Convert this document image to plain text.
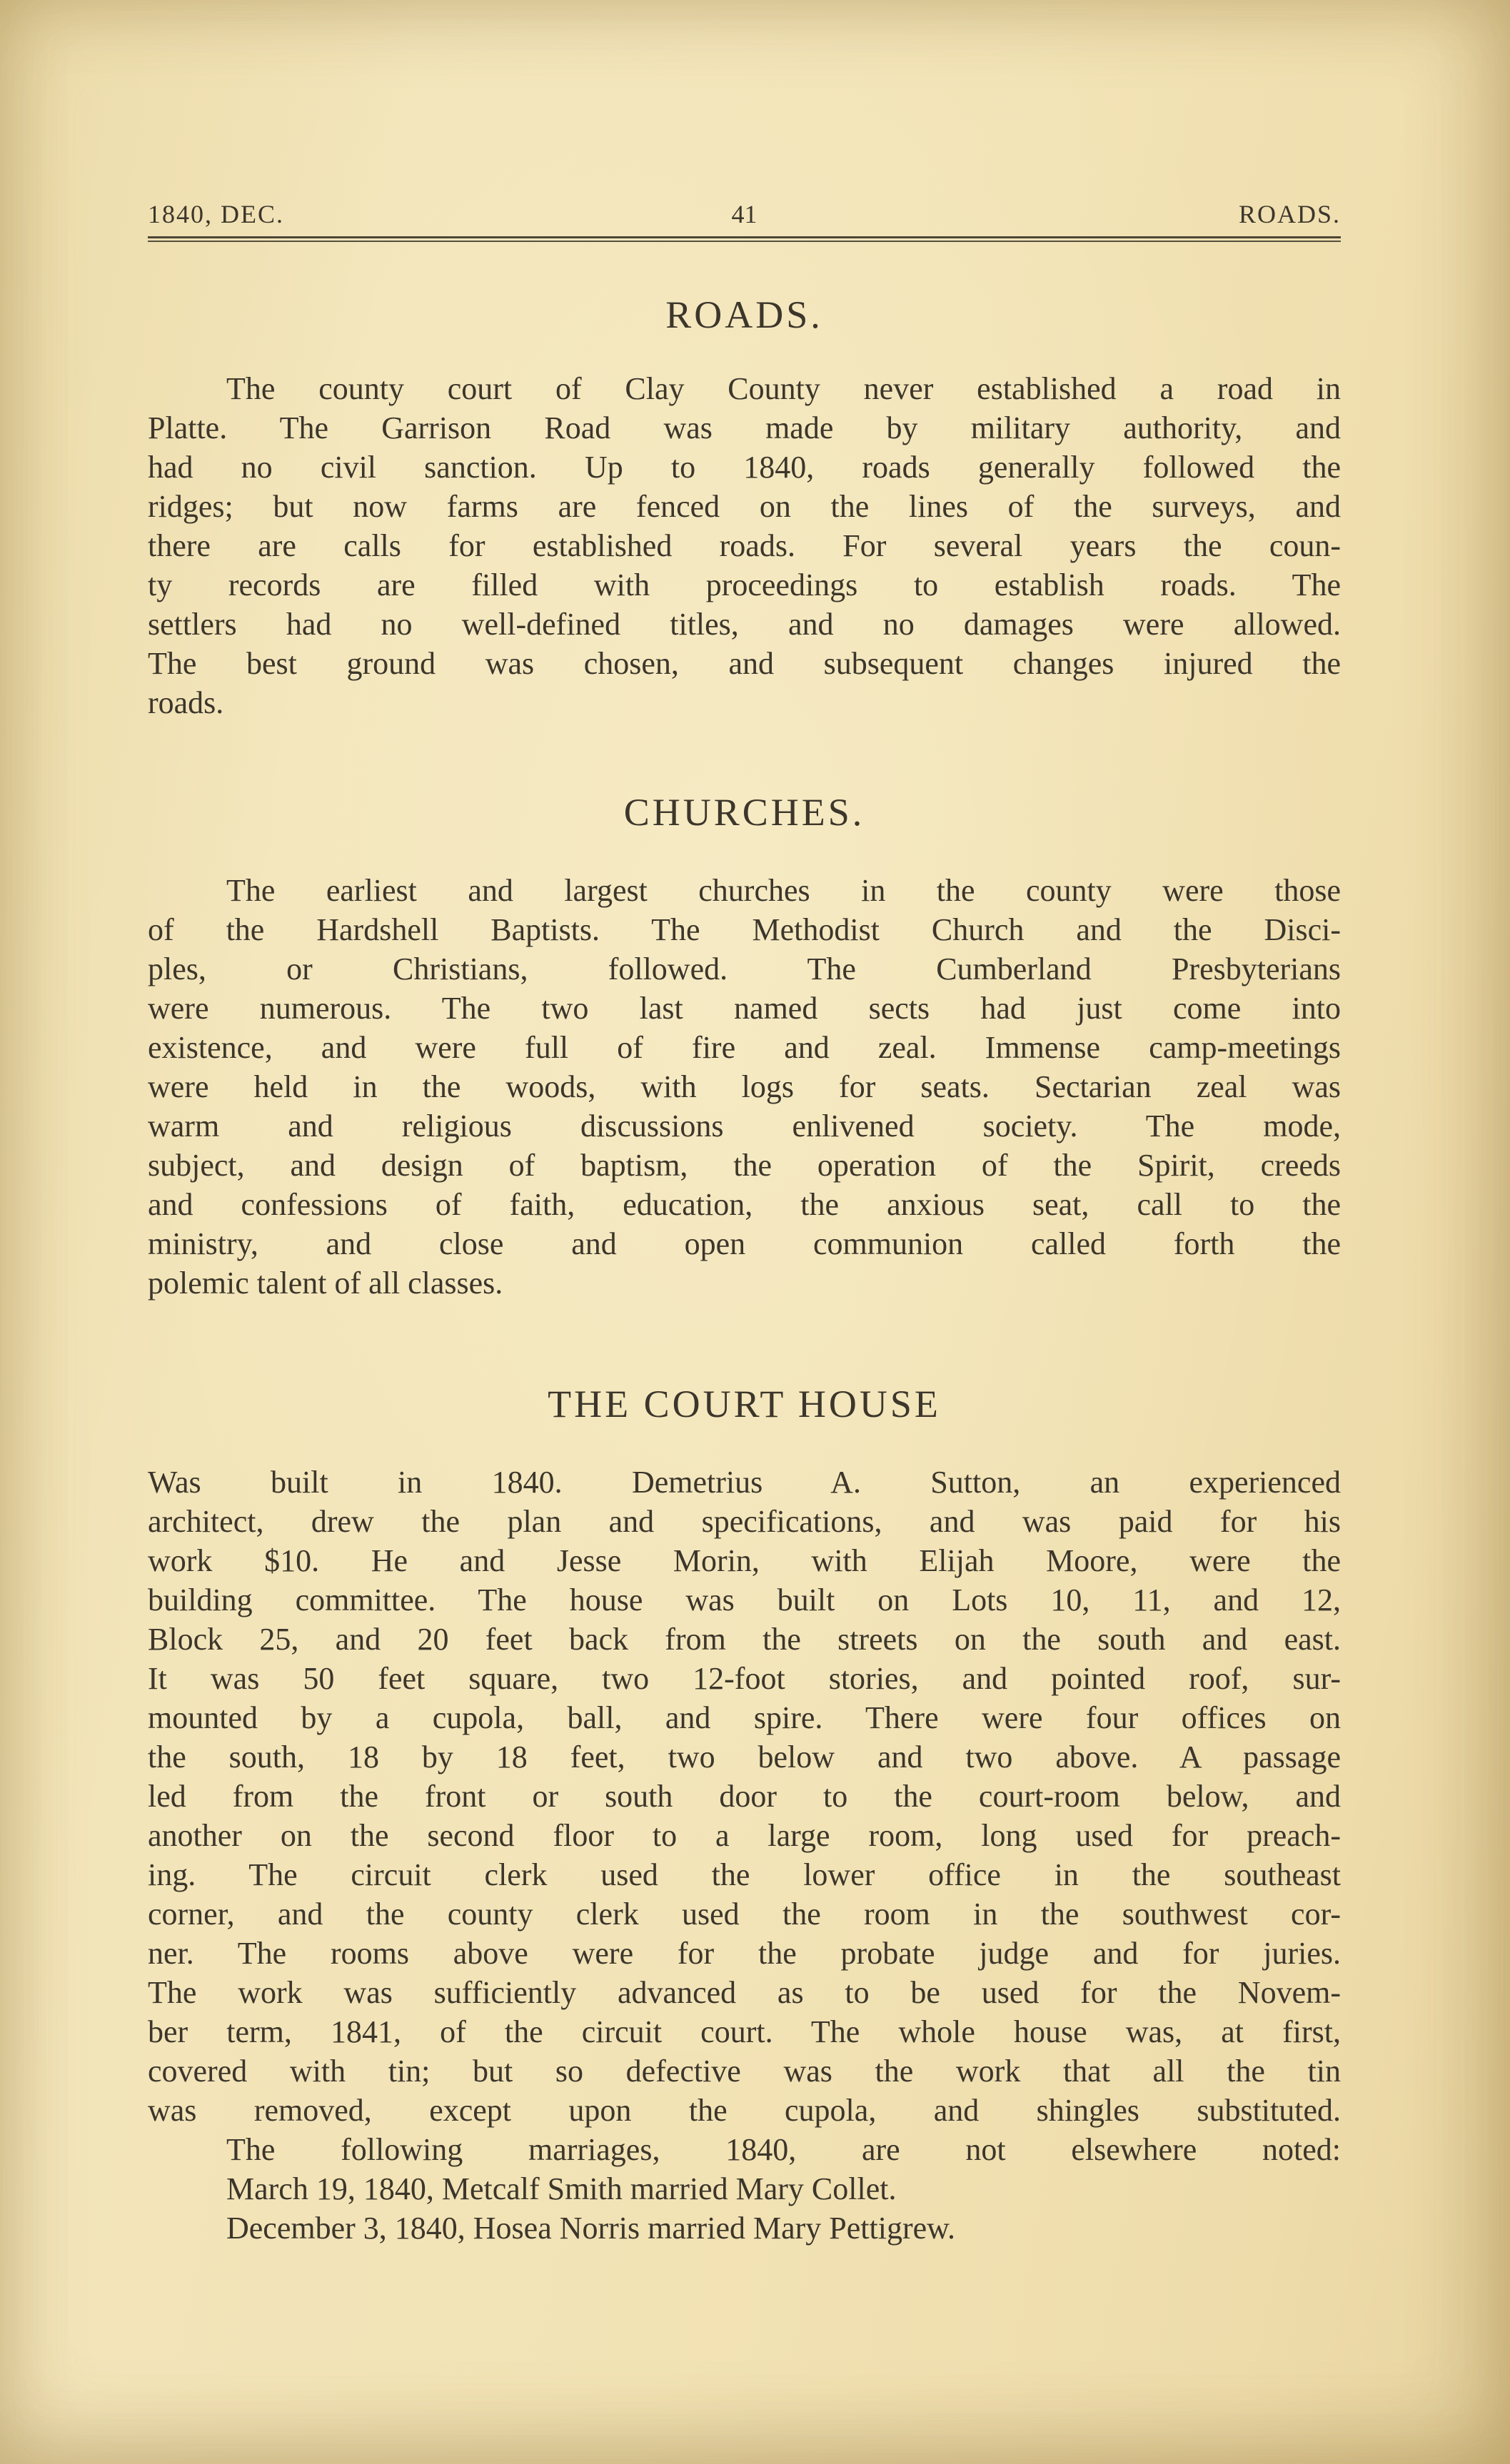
1840, DEC.	41	ROADS.
ROADS.
The county court of Clay County never established a road in
Platte. The Garrison Road was made by military authority, and
had no civil sanction. Up to 1840, roads generally followed the
ridges; but now farms are fenced on the lines of the surveys, and
there are calls for established roads. For several years the coun-
ty records are filled with proceedings to establish roads. The
settlers had no well-defined titles, and no damages were allowed.
The best ground was chosen, and subsequent changes injured the
roads.
CHURCHES.
The earliest and largest churches in the county were those
of the Hardshell Baptists. The Methodist Church and the Disci-
ples, or Christians, followed. The Cumberland Presbyterians
were numerous. The two last named sects had just come into
existence, and were full of fire and zeal. Immense camp-meetings
were held in the woods, with logs for seats. Sectarian zeal was
warm and religious discussions enlivened society. The mode,
subject, and design of baptism, the operation of the Spirit, creeds
and confessions of faith, education, the anxious seat, call to the
ministry, and close and open communion called forth the
polemic talent of all classes.
THE COURT HOUSE
Was built in 1840. Demetrius A. Sutton, an experienced
architect, drew the plan and specifications, and was paid for his
work $10. He and Jesse Morin, with Elijah Moore, were the
building committee. The house was built on Lots 10, 11, and 12,
Block 25, and 20 feet back from the streets on the south and east.
It was 50 feet square, two 12-foot stories, and pointed roof, sur-
mounted by a cupola, ball, and spire. There were four offices on
the south, 18 by 18 feet, two below and two above. A passage
led from the front or south door to the court-room below, and
another on the second floor to a large room, long used for preach-
ing. The circuit clerk used the lower office in the southeast
corner, and the county clerk used the room in the southwest cor-
ner. The rooms above were for the probate judge and for juries.
The work was sufficiently advanced as to be used for the Novem-
ber term, 1841, of the circuit court. The whole house was, at first,
covered with tin; but so defective was the work that all the tin
was removed, except upon the cupola, and shingles substituted.
The following marriages, 1840, are not elsewhere noted:
March 19, 1840, Metcalf Smith married Mary Collet.
December 3, 1840, Hosea Norris married Mary Pettigrew.
